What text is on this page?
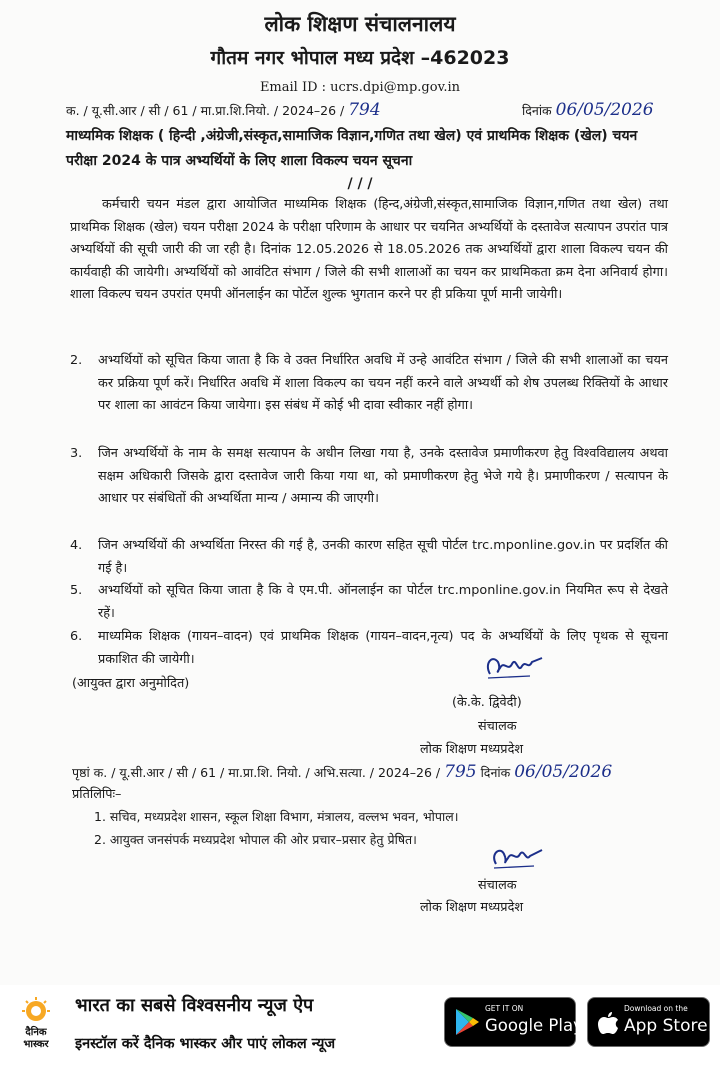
लोक शिक्षण संचालनालय
गौतम नगर भोपाल मध्य प्रदेश –462023
Email ID : ucrs.dpi@mp.gov.in
क. / यू.सी.आर / सी / 61 / मा.प्रा.शि.नियो. / 2024–26 / 794	दिनांक 06/05/2026
माध्यमिक शिक्षक ( हिन्दी ,अंग्रेजी,संस्कृत,सामाजिक विज्ञान,गणित तथा खेल) एवं प्राथमिक शिक्षक (खेल) चयन परीक्षा 2024 के पात्र अभ्यर्थियों के लिए शाला विकल्प चयन सूचना
/ / /

कर्मचारी चयन मंडल द्वारा आयोजित माध्यमिक शिक्षक (हिन्द,अंग्रेजी,संस्कृत,सामाजिक विज्ञान,गणित तथा खेल) तथा प्राथमिक शिक्षक (खेल) चयन परीक्षा 2024 के परीक्षा परिणाम के आधार पर चयनित अभ्यर्थियों के दस्तावेज सत्यापन उपरांत पात्र अभ्यर्थियों की सूची जारी की जा रही है। दिनांक 12.05.2026 से 18.05.2026 तक अभ्यर्थियों द्वारा शाला विकल्प चयन की कार्यवाही की जायेगी। अभ्यर्थियों को आवंटित संभाग / जिले की सभी शालाओं का चयन कर प्राथमिकता क्रम देना अनिवार्य होगा। शाला विकल्प चयन उपरांत एमपी ऑनलाईन का पोर्टेल शुल्क भुगतान करने पर ही प्रकिया पूर्ण मानी जायेगी।

2. अभ्यर्थियों को सूचित किया जाता है कि वे उक्त निर्धारित अवधि में उन्हे आवंटित संभाग / जिले की सभी शालाओं का चयन कर प्रक्रिया पूर्ण करें। निर्धारित अवधि में शाला विकल्प का चयन नहीं करने वाले अभ्यर्थी को शेष उपलब्ध रिक्तियों के आधार पर शाला का आवंटन किया जायेगा। इस संबंध में कोई भी दावा स्वीकार नहीं होगा।
3. जिन अभ्यर्थियों के नाम के समक्ष सत्यापन के अधीन लिखा गया है, उनके दस्तावेज प्रमाणीकरण हेतु विश्वविद्यालय अथवा सक्षम अधिकारी जिसके द्वारा दस्तावेज जारी किया गया था, को प्रमाणीकरण हेतु भेजे गये है। प्रमाणीकरण / सत्यापन के आधार पर संबंधितों की अभ्यर्थिता मान्य / अमान्य की जाएगी।
4. जिन अभ्यर्थियों की अभ्यर्थिता निरस्त की गई है, उनकी कारण सहित सूची पोर्टल trc.mponline.gov.in पर प्रदर्शित की गई है।
5. अभ्यर्थियों को सूचित किया जाता है कि वे एम.पी. ऑनलाईन का पोर्टल trc.mponline.gov.in नियमित रूप से देखते रहें।
6. माध्यमिक शिक्षक (गायन–वादन) एवं प्राथमिक शिक्षक (गायन–वादन,नृत्य) पद के अभ्यर्थियों के लिए पृथक से सूचना प्रकाशित की जायेगी।
(आयुक्त द्वारा अनुमोदित)
(के.के. द्विवेदी)
संचालक
लोक शिक्षण मध्यप्रदेश
पृष्ठां क. / यू.सी.आर / सी / 61 / मा.प्रा.शि. नियो. / अभि.सत्या. / 2024–26 / 795 दिनांक 06/05/2026
प्रतिलिपिः–
1. सचिव, मध्यप्रदेश शासन, स्कूल शिक्षा विभाग, मंत्रालय, वल्लभ भवन, भोपाल।
2. आयुक्त जनसंपर्क मध्यप्रदेश भोपाल की ओर प्रचार–प्रसार हेतु प्रेषित।
संचालक
लोक शिक्षण मध्यप्रदेश
दैनिक
भास्कर
भारत का सबसे विश्वसनीय न्यूज ऐप
इनस्टॉल करें दैनिक भास्कर और पाएं लोकल न्यूज
GET IT ON
Google Play
Download on the
App Store
